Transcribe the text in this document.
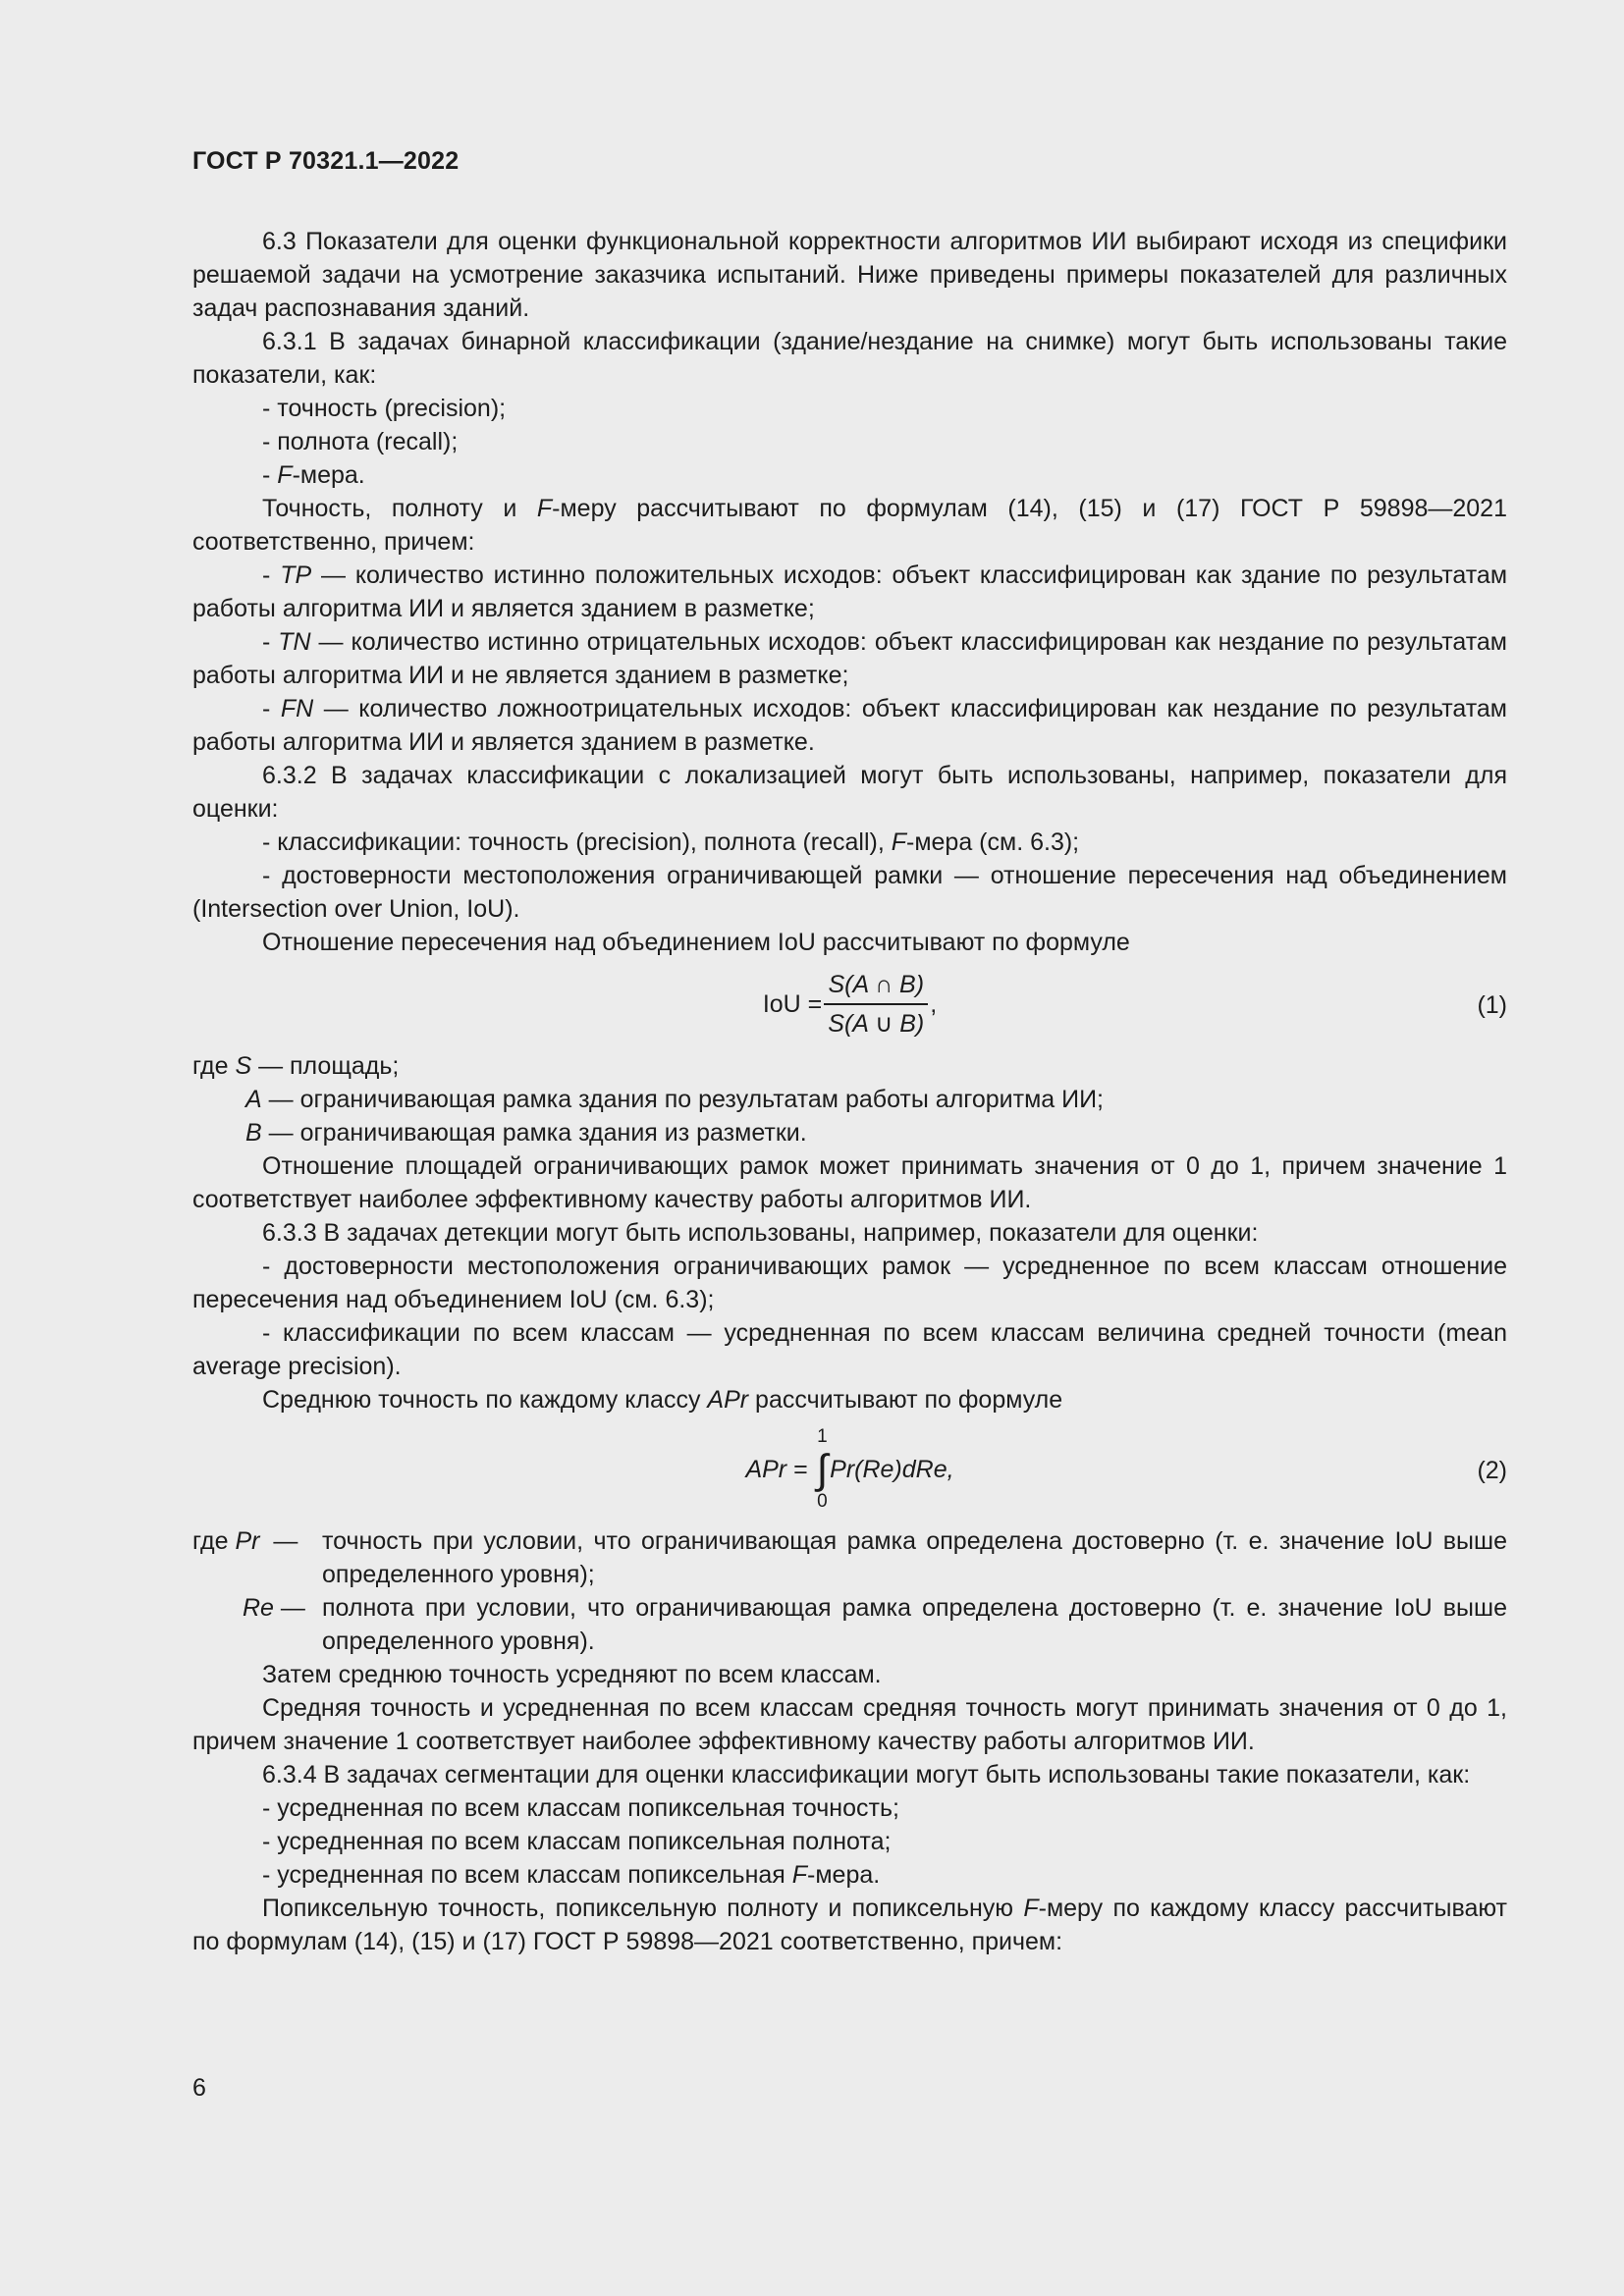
ГОСТ Р 70321.1—2022

6.3 Показатели для оценки функциональной корректности алгоритмов ИИ выбирают исходя из специфики решаемой задачи на усмотрение заказчика испытаний. Ниже приведены примеры показателей для различных задач распознавания зданий.

6.3.1 В задачах бинарной классификации (здание/нездание на снимке) могут быть использованы такие показатели, как:

- точность (precision);

- полнота (recall);

- F-мера.

Точность, полноту и F-меру рассчитывают по формулам (14), (15) и (17) ГОСТ Р 59898—2021 соответственно, причем:

- TP — количество истинно положительных исходов: объект классифицирован как здание по результатам работы алгоритма ИИ и является зданием в разметке;

- TN — количество истинно отрицательных исходов: объект классифицирован как нездание по результатам работы алгоритма ИИ и не является зданием в разметке;

- FN — количество ложноотрицательных исходов: объект классифицирован как нездание по результатам работы алгоритма ИИ и является зданием в разметке.

6.3.2 В задачах классификации с локализацией могут быть использованы, например, показатели для оценки:

- классификации: точность (precision), полнота (recall), F-мера (см. 6.3);

- достоверности местоположения ограничивающей рамки — отношение пересечения над объединением (Intersection over Union, IoU).

Отношение пересечения над объединением IoU рассчитывают по формуле

IoU = $\frac{S(A \cap B)}{S(A \cup B)}$ ,	(1)

где S — площадь;

A — ограничивающая рамка здания по результатам работы алгоритма ИИ;

B — ограничивающая рамка здания из разметки.

Отношение площадей ограничивающих рамок может принимать значения от 0 до 1, причем значение 1 соответствует наиболее эффективному качеству работы алгоритмов ИИ.

6.3.3 В задачах детекции могут быть использованы, например, показатели для оценки:

- достоверности местоположения ограничивающих рамок — усредненное по всем классам отношение пересечения над объединением IoU (см. 6.3);

- классификации по всем классам — усредненная по всем классам величина средней точности (mean average precision).

Среднюю точность по каждому классу APr рассчитывают по формуле

APr =
1
∫
0
Pr(Re)dRe,	(2)
где Pr  — точность при условии, что ограничивающая рамка определена достоверно (т. е. значение IoU выше определенного уровня);
Re — полнота при условии, что ограничивающая рамка определена достоверно (т. е. значение IoU выше определенного уровня).

Затем среднюю точность усредняют по всем классам.

Средняя точность и усредненная по всем классам средняя точность могут принимать значения от 0 до 1, причем значение 1 соответствует наиболее эффективному качеству работы алгоритмов ИИ.

6.3.4 В задачах сегментации для оценки классификации могут быть использованы такие показатели, как:

- усредненная по всем классам попиксельная точность;

- усредненная по всем классам попиксельная полнота;

- усредненная по всем классам попиксельная F-мера.

Попиксельную точность, попиксельную полноту и попиксельную F-меру по каждому классу рассчитывают по формулам (14), (15) и (17) ГОСТ Р 59898—2021 соответственно, причем:

6
